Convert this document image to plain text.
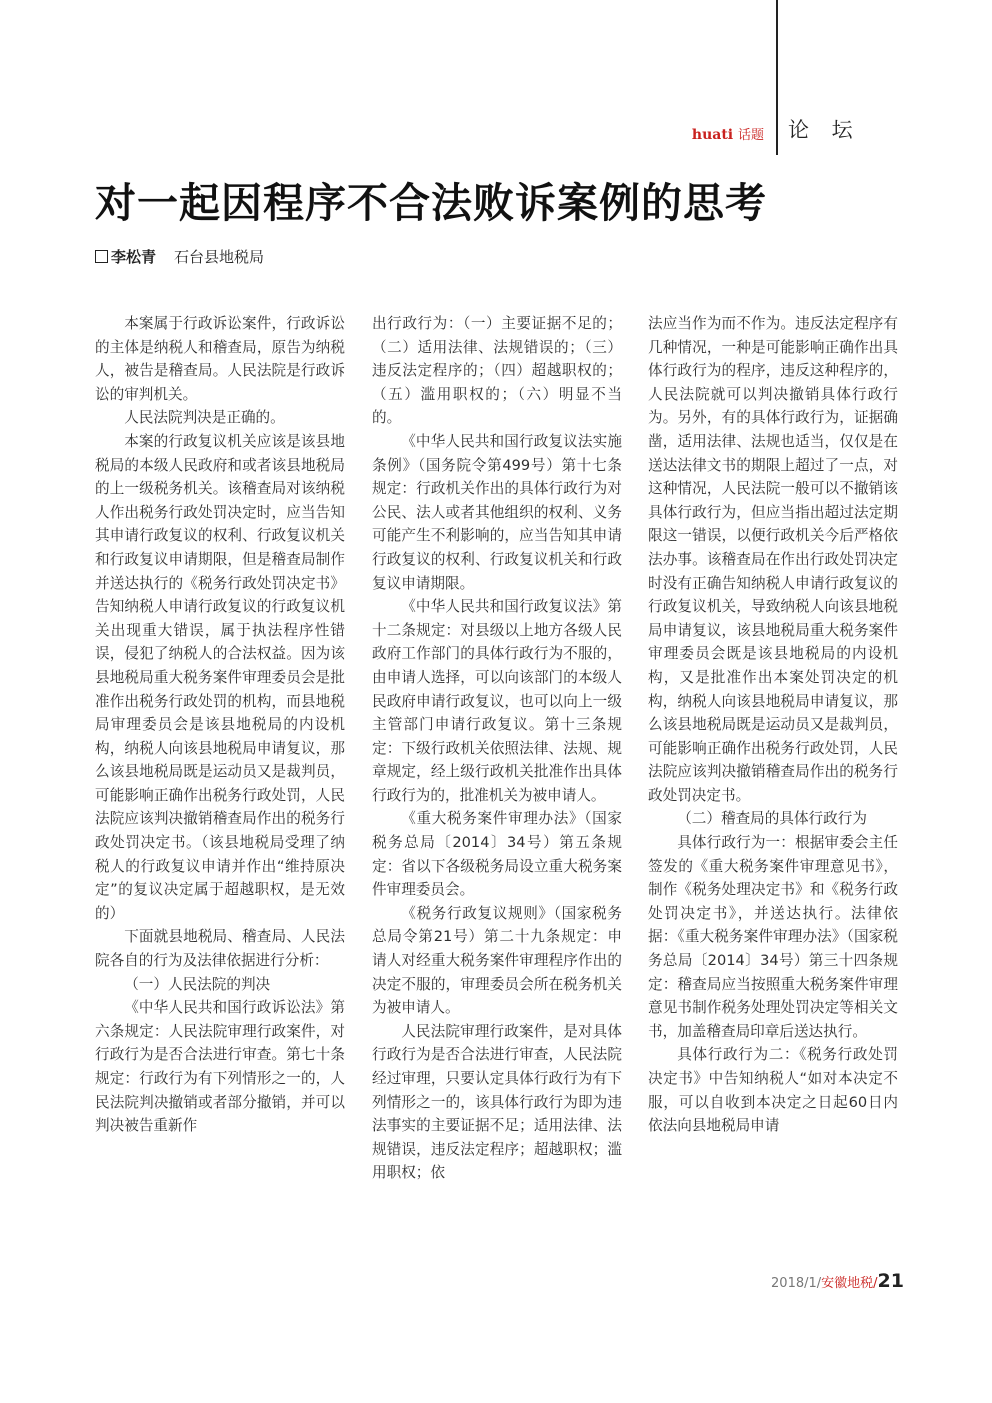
huati 话题 论 坛
对一起因程序不合法败诉案例的思考
李松青 石台县地税局

本案属于行政诉讼案件，行政诉讼的主体是纳税人和稽查局，原告为纳税人，被告是稽查局。人民法院是行政诉讼的审判机关。

人民法院判决是正确的。

本案的行政复议机关应该是该县地税局的本级人民政府和或者该县地税局的上一级税务机关。该稽查局对该纳税人作出税务行政处罚决定时，应当告知其申请行政复议的权利、行政复议机关和行政复议申请期限，但是稽查局制作并送达执行的《税务行政处罚决定书》告知纳税人申请行政复议的行政复议机关出现重大错误，属于执法程序性错误，侵犯了纳税人的合法权益。因为该县地税局重大税务案件审理委员会是批准作出税务行政处罚的机构，而县地税局审理委员会是该县地税局的内设机构，纳税人向该县地税局申请复议，那么该县地税局既是运动员又是裁判员，可能影响正确作出税务行政处罚，人民法院应该判决撤销稽查局作出的税务行政处罚决定书。（该县地税局受理了纳税人的行政复议申请并作出“维持原决定”的复议决定属于超越职权，是无效的）

下面就县地税局、稽查局、人民法院各自的行为及法律依据进行分析：

（一）人民法院的判决

《中华人民共和国行政诉讼法》第六条规定：人民法院审理行政案件，对行政行为是否合法进行审查。第七十条规定：行政行为有下列情形之一的，人民法院判决撤销或者部分撤销，并可以判决被告重新作

出行政行为：（一）主要证据不足的；（二）适用法律、法规错误的；（三）违反法定程序的；（四）超越职权的；（五）滥用职权的；（六）明显不当的。

《中华人民共和国行政复议法实施条例》（国务院令第499号）第十七条规定：行政机关作出的具体行政行为对公民、法人或者其他组织的权利、义务可能产生不利影响的，应当告知其申请行政复议的权利、行政复议机关和行政复议申请期限。

《中华人民共和国行政复议法》第十二条规定：对县级以上地方各级人民政府工作部门的具体行政行为不服的，由申请人选择，可以向该部门的本级人民政府申请行政复议，也可以向上一级主管部门申请行政复议。第十三条规定：下级行政机关依照法律、法规、规章规定，经上级行政机关批准作出具体行政行为的，批准机关为被申请人。

《重大税务案件审理办法》（国家税务总局〔2014〕34号）第五条规定：省以下各级税务局设立重大税务案件审理委员会。

《税务行政复议规则》（国家税务总局令第21号）第二十九条规定：申请人对经重大税务案件审理程序作出的决定不服的，审理委员会所在税务机关为被申请人。

人民法院审理行政案件，是对具体行政行为是否合法进行审查，人民法院经过审理，只要认定具体行政行为有下列情形之一的，该具体行政行为即为违法事实的主要证据不足；适用法律、法规错误，违反法定程序；超越职权；滥用职权；依

法应当作为而不作为。违反法定程序有几种情况，一种是可能影响正确作出具体行政行为的程序，违反这种程序的，人民法院就可以判决撤销具体行政行为。另外，有的具体行政行为，证据确凿，适用法律、法规也适当，仅仅是在送达法律文书的期限上超过了一点，对这种情况，人民法院一般可以不撤销该具体行政行为，但应当指出超过法定期限这一错误，以便行政机关今后严格依法办事。该稽查局在作出行政处罚决定时没有正确告知纳税人申请行政复议的行政复议机关，导致纳税人向该县地税局申请复议，该县地税局重大税务案件审理委员会既是该县地税局的内设机构，又是批准作出本案处罚决定的机构，纳税人向该县地税局申请复议，那么该县地税局既是运动员又是裁判员，可能影响正确作出税务行政处罚，人民法院应该判决撤销稽查局作出的税务行政处罚决定书。

（二）稽查局的具体行政行为

具体行政行为一：根据审委会主任签发的《重大税务案件审理意见书》，制作《税务处理决定书》和《税务行政处罚决定书》，并送达执行。法律依据：《重大税务案件审理办法》（国家税务总局〔2014〕34号）第三十四条规定：稽查局应当按照重大税务案件审理意见书制作税务处理处罚决定等相关文书，加盖稽查局印章后送达执行。

具体行政行为二：《税务行政处罚决定书》中告知纳税人“如对本决定不服，可以自收到本决定之日起60日内依法向县地税局申请

2018/1/安徽地税/21
